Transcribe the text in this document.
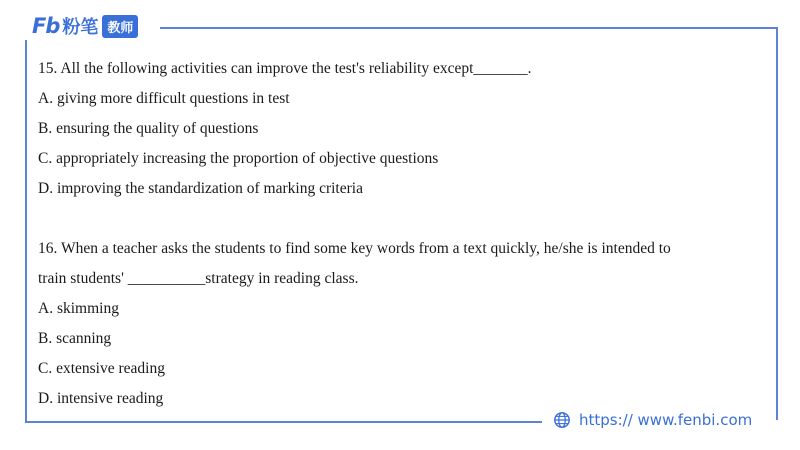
Fb 粉笔 教师
15. All the following activities can improve the test's reliability except_______.
A. giving more difficult questions in test
B. ensuring the quality of questions
C. appropriately increasing the proportion of objective questions
D. improving the standardization of marking criteria
16. When a teacher asks the students to find some key words from a text quickly, he/she is intended to
train students' __________strategy in reading class.
A. skimming
B. scanning
C. extensive reading
D. intensive reading
https:// www.fenbi.com
